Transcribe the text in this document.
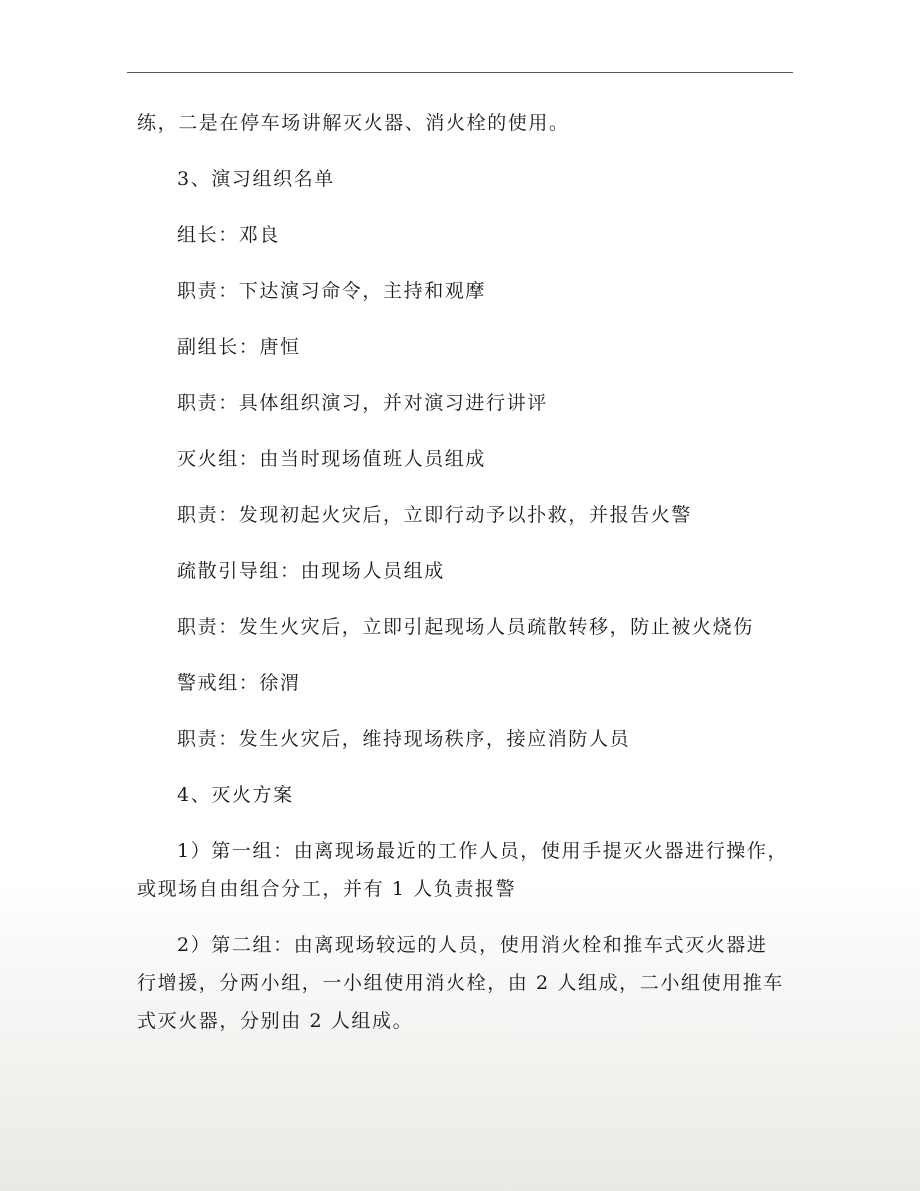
练，二是在停车场讲解灭火器、消火栓的使用。

3、演习组织名单

组长：邓良

职责：下达演习命令，主持和观摩

副组长：唐恒

职责：具体组织演习，并对演习进行讲评

灭火组：由当时现场值班人员组成

职责：发现初起火灾后，立即行动予以扑救，并报告火警

疏散引导组：由现场人员组成

职责：发生火灾后，立即引起现场人员疏散转移，防止被火烧伤

警戒组：徐渭

职责：发生火灾后，维持现场秩序，接应消防人员

4、灭火方案

1）第一组：由离现场最近的工作人员，使用手提灭火器进行操作，

或现场自由组合分工，并有 1 人负责报警

2）第二组：由离现场较远的人员，使用消火栓和推车式灭火器进

行增援，分两小组，一小组使用消火栓，由 2 人组成，二小组使用推车

式灭火器，分别由 2 人组成。
